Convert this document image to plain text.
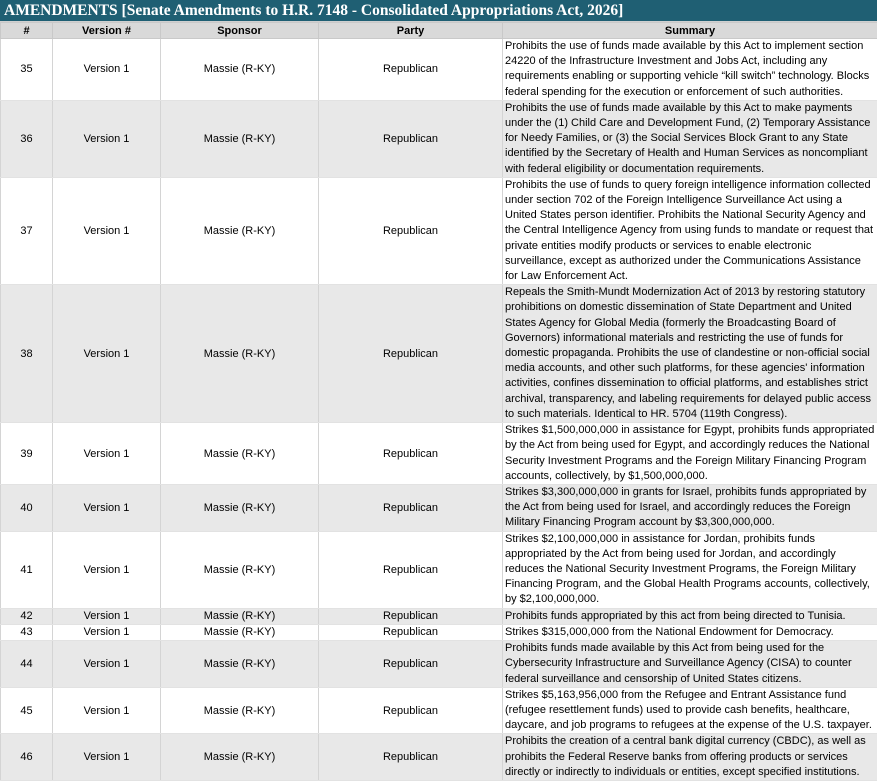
AMENDMENTS [Senate Amendments to H.R. 7148 - Consolidated Appropriations Act, 2026]
#	Version #	Sponsor	Party	Summary
35	Version 1	Massie (R-KY)	Republican	Prohibits the use of funds made available by this Act to implement section 24220 of the Infrastructure Investment and Jobs Act, including any requirements enabling or supporting vehicle “kill switch” technology. Blocks federal spending for the execution or enforcement of such authorities.
36	Version 1	Massie (R-KY)	Republican	Prohibits the use of funds made available by this Act to make payments under the (1) Child Care and Development Fund, (2) Temporary Assistance for Needy Families, or (3) the Social Services Block Grant to any State identified by the Secretary of Health and Human Services as noncompliant with federal eligibility or documentation requirements.
37	Version 1	Massie (R-KY)	Republican	Prohibits the use of funds to query foreign intelligence information collected under section 702 of the Foreign Intelligence Surveillance Act using a United States person identifier. Prohibits the National Security Agency and the Central Intelligence Agency from using funds to mandate or request that private entities modify products or services to enable electronic surveillance, except as authorized under the Communications Assistance for Law Enforcement Act.
38	Version 1	Massie (R-KY)	Republican	Repeals the Smith-Mundt Modernization Act of 2013 by restoring statutory prohibitions on domestic dissemination of State Department and United States Agency for Global Media (formerly the Broadcasting Board of Governors) informational materials and restricting the use of funds for domestic propaganda. Prohibits the use of clandestine or non-official social media accounts, and other such platforms, for these agencies' information activities, confines dissemination to official platforms, and establishes strict archival, transparency, and labeling requirements for delayed public access to such materials. Identical to HR. 5704 (119th Congress).
39	Version 1	Massie (R-KY)	Republican	Strikes $1,500,000,000 in assistance for Egypt, prohibits funds appropriated by the Act from being used for Egypt, and accordingly reduces the National Security Investment Programs and the Foreign Military Financing Program accounts, collectively, by $1,500,000,000.
40	Version 1	Massie (R-KY)	Republican	Strikes $3,300,000,000 in grants for Israel, prohibits funds appropriated by the Act from being used for Israel, and accordingly reduces the Foreign Military Financing Program account by $3,300,000,000.
41	Version 1	Massie (R-KY)	Republican	Strikes $2,100,000,000 in assistance for Jordan, prohibits funds appropriated by the Act from being used for Jordan, and accordingly reduces the National Security Investment Programs, the Foreign Military Financing Program, and the Global Health Programs accounts, collectively, by $2,100,000,000.
42	Version 1	Massie (R-KY)	Republican	Prohibits funds appropriated by this act from being directed to Tunisia.
43	Version 1	Massie (R-KY)	Republican	Strikes $315,000,000 from the National Endowment for Democracy.
44	Version 1	Massie (R-KY)	Republican	Prohibits funds made available by this Act from being used for the Cybersecurity Infrastructure and Surveillance Agency (CISA) to counter federal surveillance and censorship of United States citizens.
45	Version 1	Massie (R-KY)	Republican	Strikes $5,163,956,000 from the Refugee and Entrant Assistance fund (refugee resettlement funds) used to provide cash benefits, healthcare, daycare, and job programs to refugees at the expense of the U.S. taxpayer.
46	Version 1	Massie (R-KY)	Republican	Prohibits the creation of a central bank digital currency (CBDC), as well as prohibits the Federal Reserve banks from offering products or services directly or indirectly to individuals or entities, except specified institutions.
